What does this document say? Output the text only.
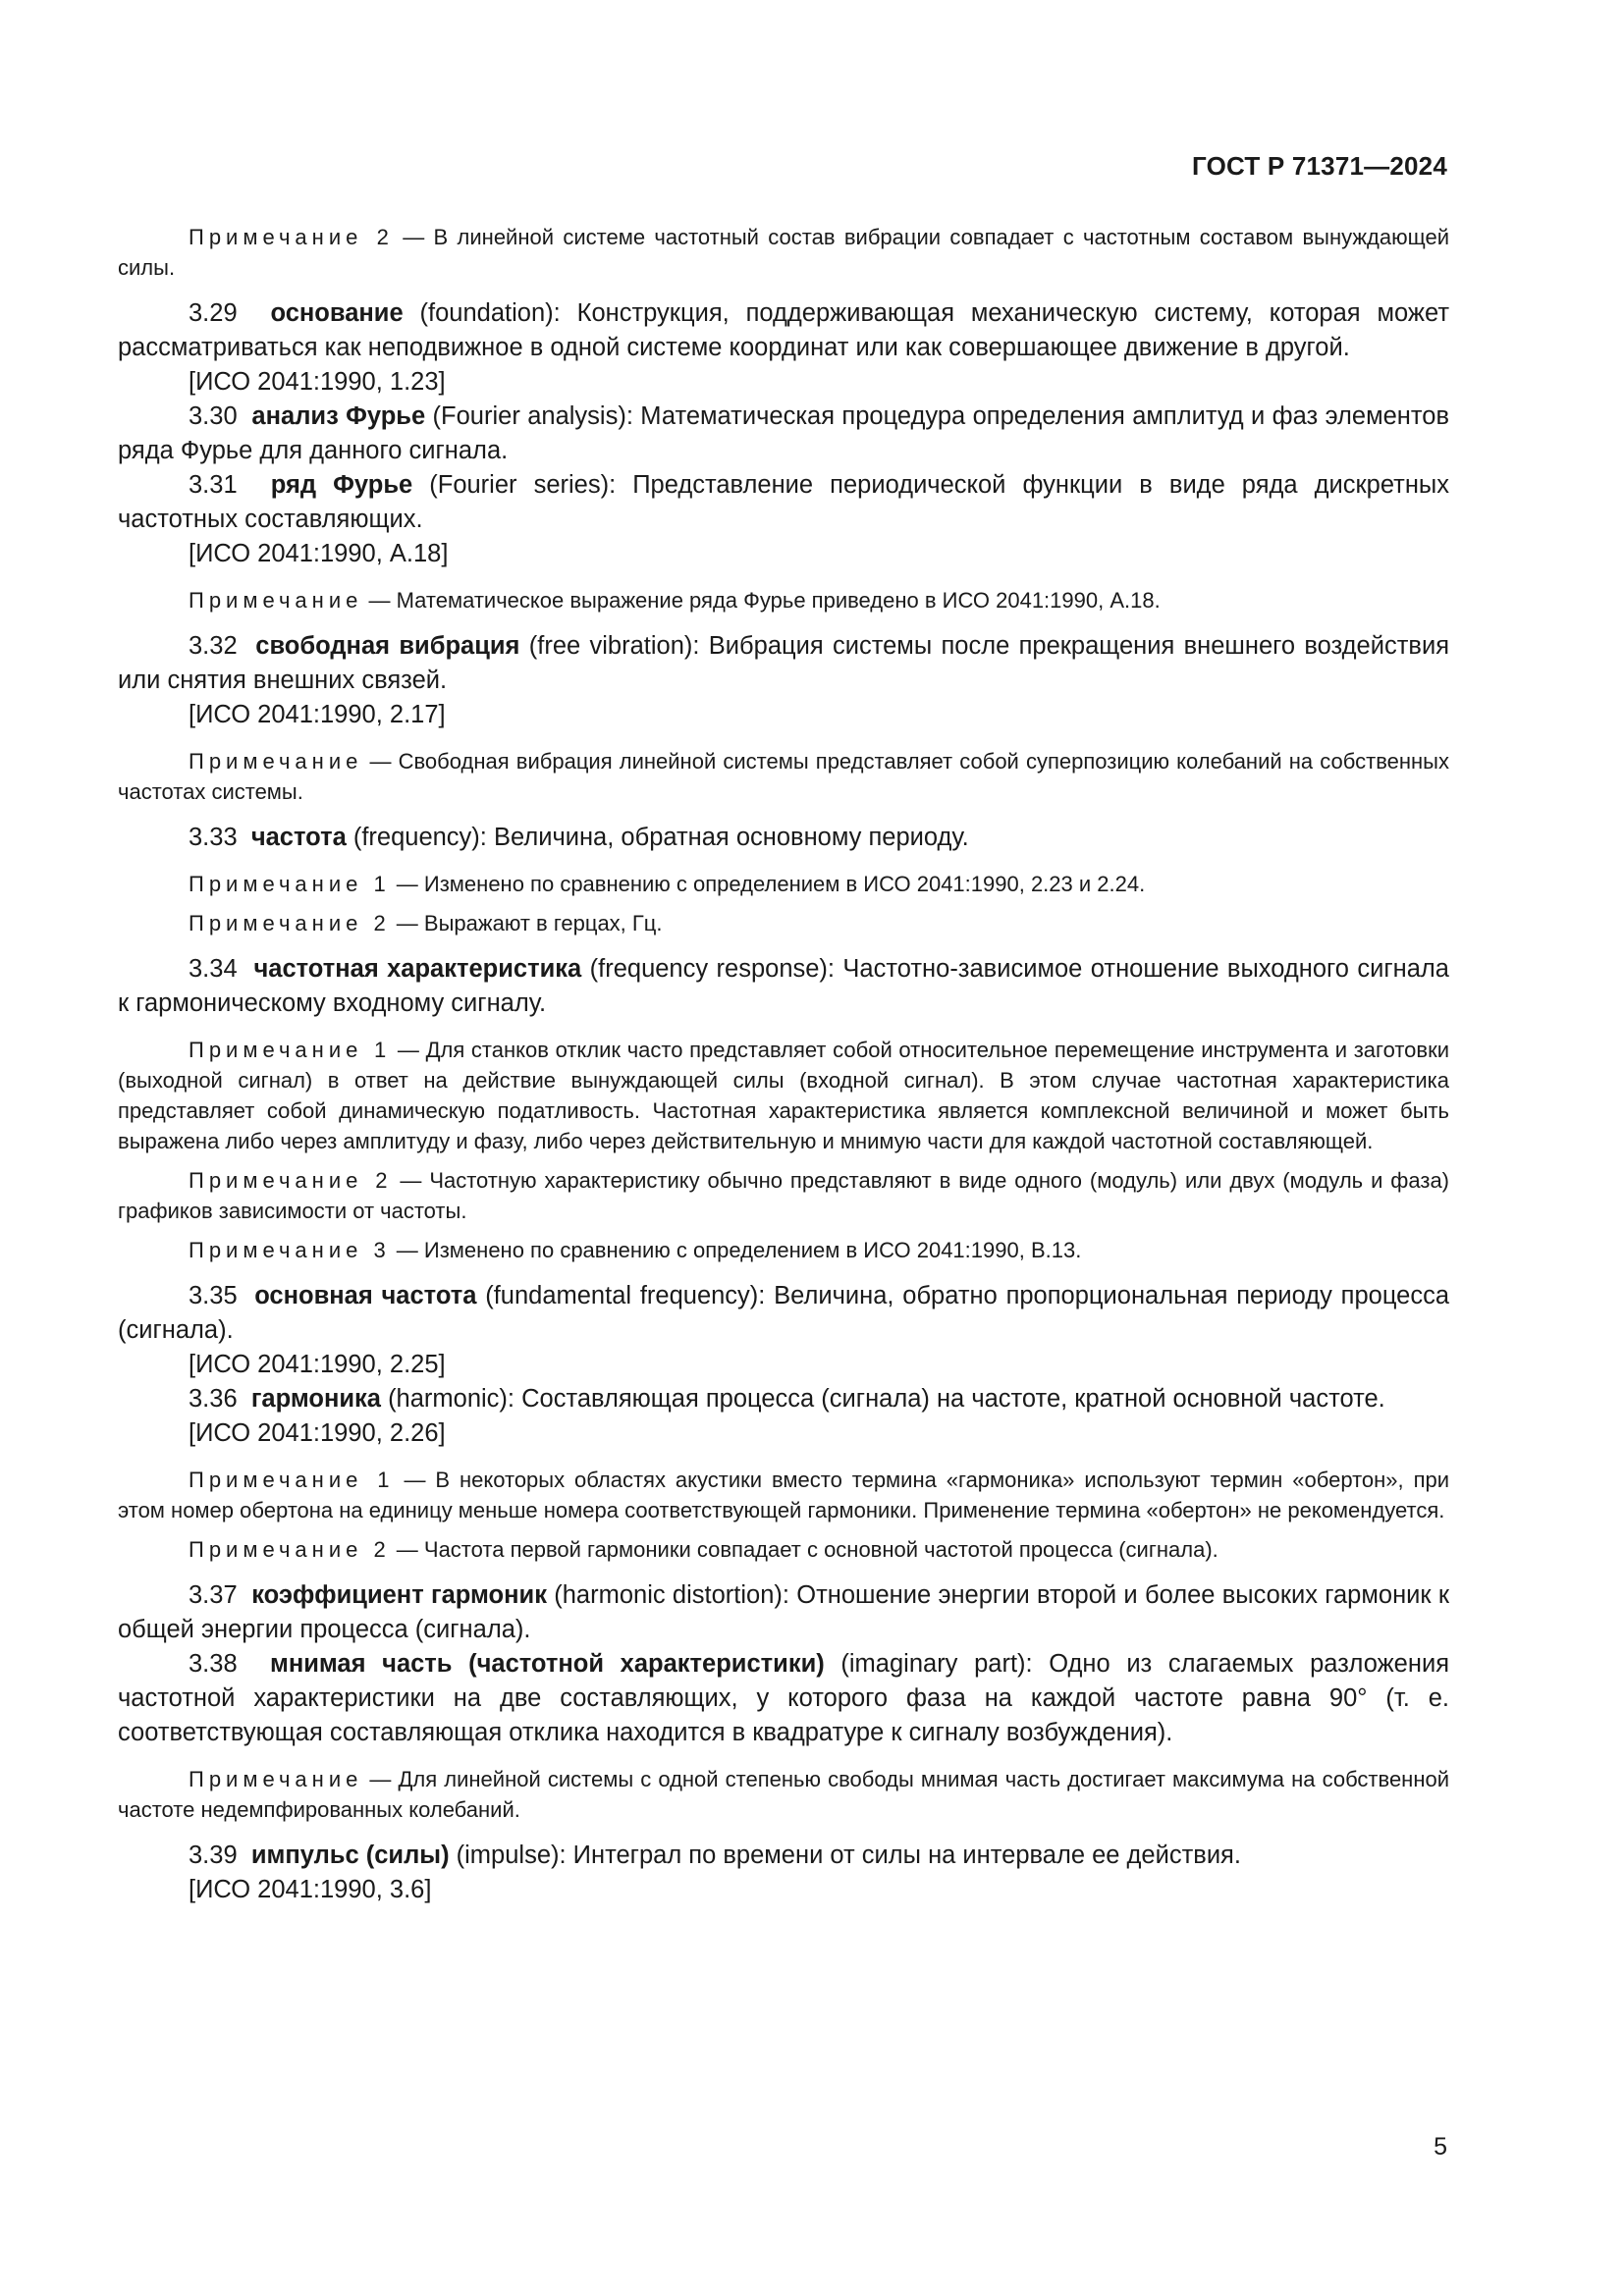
ГОСТ Р 71371—2024

Примечание 2 — В линейной системе частотный состав вибрации совпадает с частотным составом вынуждающей силы.

3.29 основание (foundation): Конструкция, поддерживающая механическую систему, которая может рассматриваться как неподвижное в одной системе координат или как совершающее движение в другой.

[ИСО 2041:1990, 1.23]

3.30 анализ Фурье (Fourier analysis): Математическая процедура определения амплитуд и фаз элементов ряда Фурье для данного сигнала.

3.31 ряд Фурье (Fourier series): Представление периодической функции в виде ряда дискретных частотных составляющих.

[ИСО 2041:1990, А.18]

Примечание — Математическое выражение ряда Фурье приведено в ИСО 2041:1990, А.18.

3.32 свободная вибрация (free vibration): Вибрация системы после прекращения внешнего воздействия или снятия внешних связей.

[ИСО 2041:1990, 2.17]

Примечание — Свободная вибрация линейной системы представляет собой суперпозицию колебаний на собственных частотах системы.

3.33 частота (frequency): Величина, обратная основному периоду.

Примечание 1 — Изменено по сравнению с определением в ИСО 2041:1990, 2.23 и 2.24.

Примечание 2 — Выражают в герцах, Гц.

3.34 частотная характеристика (frequency response): Частотно-зависимое отношение выходного сигнала к гармоническому входному сигналу.

Примечание 1 — Для станков отклик часто представляет собой относительное перемещение инструмента и заготовки (выходной сигнал) в ответ на действие вынуждающей силы (входной сигнал). В этом случае частотная характеристика представляет собой динамическую податливость. Частотная характеристика является комплексной величиной и может быть выражена либо через амплитуду и фазу, либо через действительную и мнимую части для каждой частотной составляющей.

Примечание 2 — Частотную характеристику обычно представляют в виде одного (модуль) или двух (модуль и фаза) графиков зависимости от частоты.

Примечание 3 — Изменено по сравнению с определением в ИСО 2041:1990, В.13.

3.35 основная частота (fundamental frequency): Величина, обратно пропорциональная периоду процесса (сигнала).

[ИСО 2041:1990, 2.25]

3.36 гармоника (harmonic): Составляющая процесса (сигнала) на частоте, кратной основной частоте.

[ИСО 2041:1990, 2.26]

Примечание 1 — В некоторых областях акустики вместо термина «гармоника» используют термин «обертон», при этом номер обертона на единицу меньше номера соответствующей гармоники. Применение термина «обертон» не рекомендуется.

Примечание 2 — Частота первой гармоники совпадает с основной частотой процесса (сигнала).

3.37 коэффициент гармоник (harmonic distortion): Отношение энергии второй и более высоких гармоник к общей энергии процесса (сигнала).

3.38 мнимая часть (частотной характеристики) (imaginary part): Одно из слагаемых разложения частотной характеристики на две составляющих, у которого фаза на каждой частоте равна 90° (т. е. соответствующая составляющая отклика находится в квадратуре к сигналу возбуждения).

Примечание — Для линейной системы с одной степенью свободы мнимая часть достигает максимума на собственной частоте недемпфированных колебаний.

3.39 импульс (силы) (impulse): Интеграл по времени от силы на интервале ее действия.

[ИСО 2041:1990, 3.6]

5
